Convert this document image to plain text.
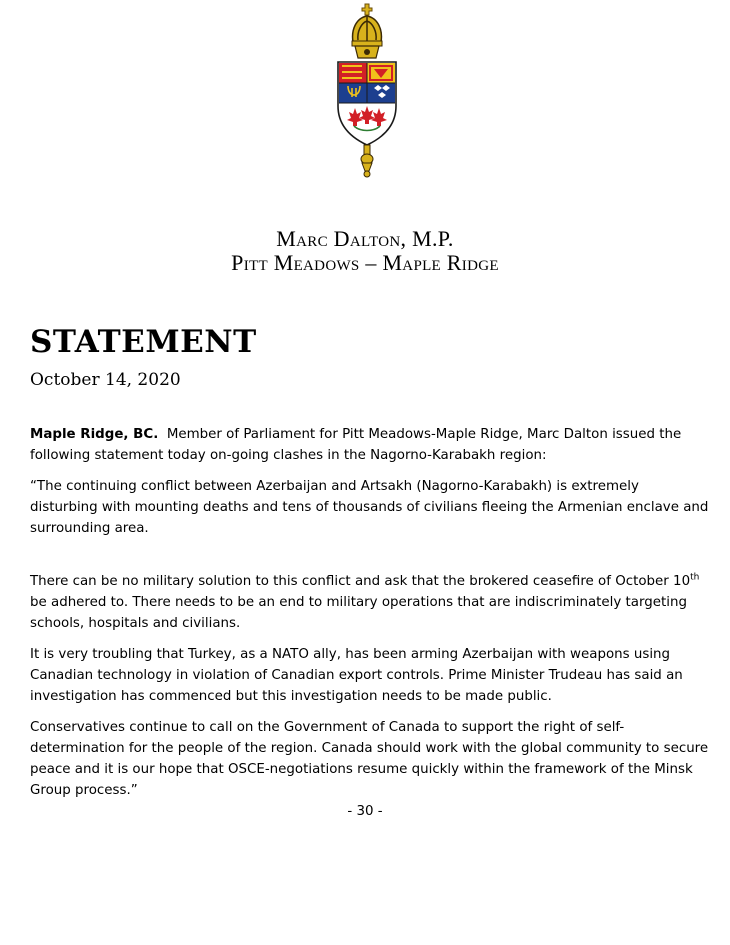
Marc Dalton, M.P.
Pitt Meadows – Maple Ridge
STATEMENT
October 14, 2020

Maple Ridge, BC. Member of Parliament for Pitt Meadows-Maple Ridge, Marc Dalton issued the following statement today on-going clashes in the Nagorno-Karabakh region:

“The continuing conflict between Azerbaijan and Artsakh (Nagorno-Karabakh) is extremely disturbing with mounting deaths and tens of thousands of civilians fleeing the Armenian enclave and surrounding area.

There can be no military solution to this conflict and ask that the brokered ceasefire of October 10th be adhered to. There needs to be an end to military operations that are indiscriminately targeting schools, hospitals and civilians.

It is very troubling that Turkey, as a NATO ally, has been arming Azerbaijan with weapons using Canadian technology in violation of Canadian export controls. Prime Minister Trudeau has said an investigation has commenced but this investigation needs to be made public.

Conservatives continue to call on the Government of Canada to support the right of self-determination for the people of the region. Canada should work with the global community to secure peace and it is our hope that OSCE-negotiations resume quickly within the framework of the Minsk Group process.”

- 30 -
